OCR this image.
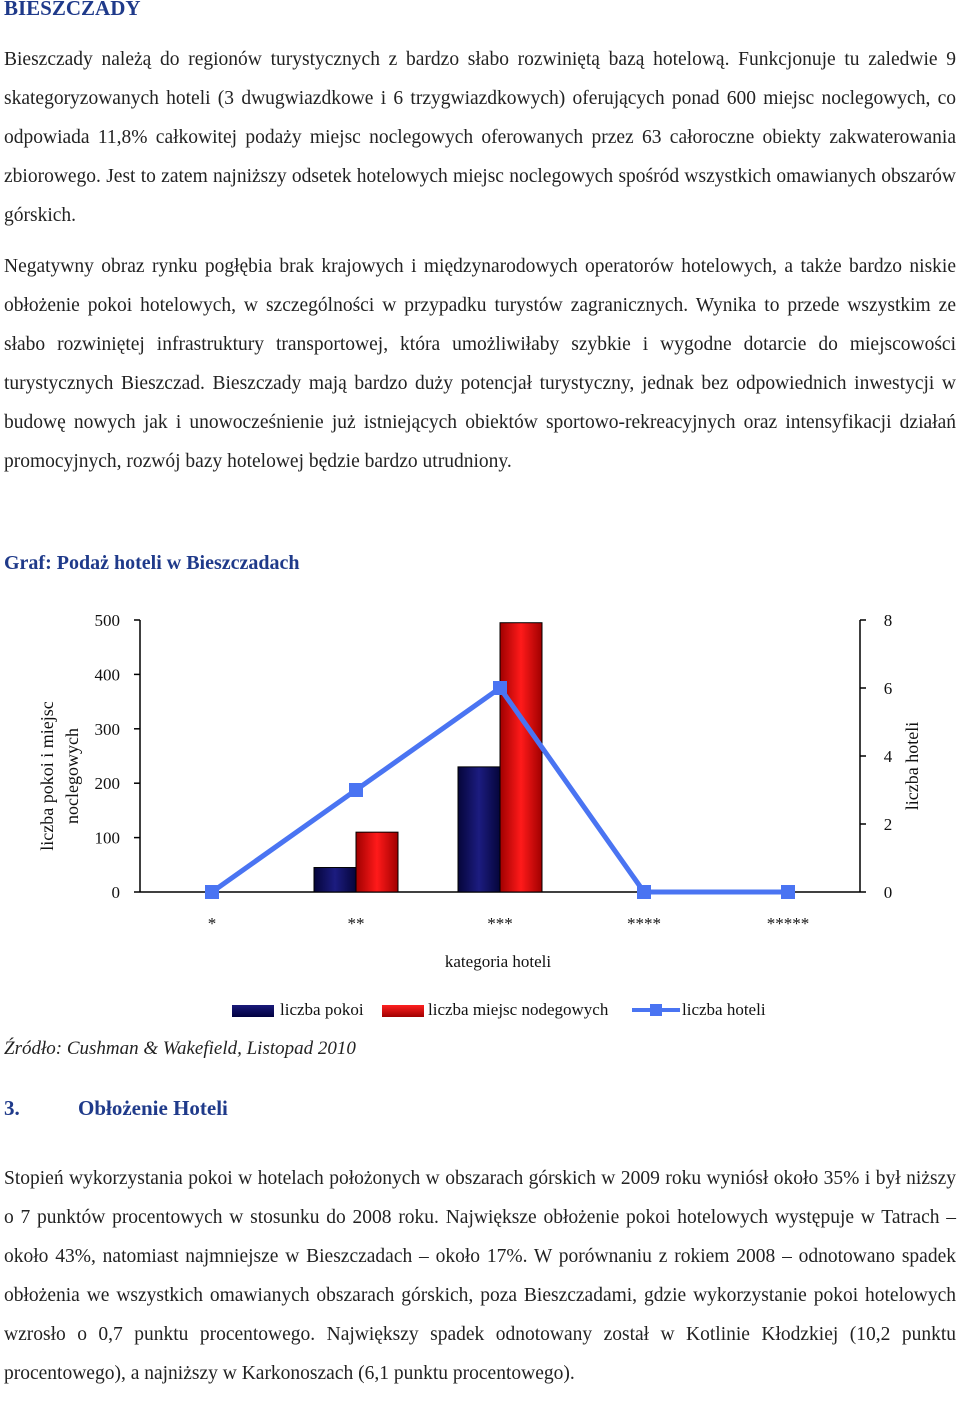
BIESZCZADY

Bieszczady należą do regionów turystycznych z bardzo słabo rozwiniętą bazą hotelową. Funkcjonuje tu zaledwie 9 skategoryzowanych hoteli (3 dwugwiazdkowe i 6 trzygwiazdkowych) oferujących ponad 600 miejsc noclegowych, co odpowiada 11,8% całkowitej podaży miejsc noclegowych oferowanych przez 63 całoroczne obiekty zakwaterowania zbiorowego. Jest to zatem najniższy odsetek hotelowych miejsc noclegowych spośród wszystkich omawianych obszarów górskich.

Negatywny obraz rynku pogłębia brak krajowych i międzynarodowych operatorów hotelowych, a także bardzo niskie obłożenie pokoi hotelowych, w szczególności w przypadku turystów zagranicznych. Wynika to przede wszystkim ze słabo rozwiniętej infrastruktury transportowej, która umożliwiłaby szybkie i wygodne dotarcie do miejscowości turystycznych Bieszczad. Bieszczady mają bardzo duży potencjał turystyczny, jednak bez odpowiednich inwestycji w budowę nowych jak i unowocześnienie już istniejących obiektów sportowo-rekreacyjnych oraz intensyfikacji działań promocyjnych, rozwój bazy hotelowej będzie bardzo utrudniony.

Graf: Podaż hoteli w Bieszczadach
0
100
200
300
400
500
0
2
4
6
8
*	**	***	****	*****
kategoria hoteli
liczba pokoi i miejsc noclegowych	liczba hoteli
liczba pokoi	liczba miejsc nodegowych	liczba hoteli

Źródło: Cushman & Wakefield, Listopad 2010

3.	Obłożenie Hoteli

Stopień wykorzystania pokoi w hotelach położonych w obszarach górskich w 2009 roku wyniósł około 35% i był niższy o 7 punktów procentowych w stosunku do 2008 roku. Największe obłożenie pokoi hotelowych występuje w Tatrach – około 43%, natomiast najmniejsze w Bieszczadach – około 17%. W porównaniu z rokiem 2008 – odnotowano spadek obłożenia we wszystkich omawianych obszarach górskich, poza Bieszczadami, gdzie wykorzystanie pokoi hotelowych wzrosło o 0,7 punktu procentowego. Największy spadek odnotowany został w Kotlinie Kłodzkiej (10,2 punktu procentowego), a najniższy w Karkonoszach (6,1 punktu procentowego).
